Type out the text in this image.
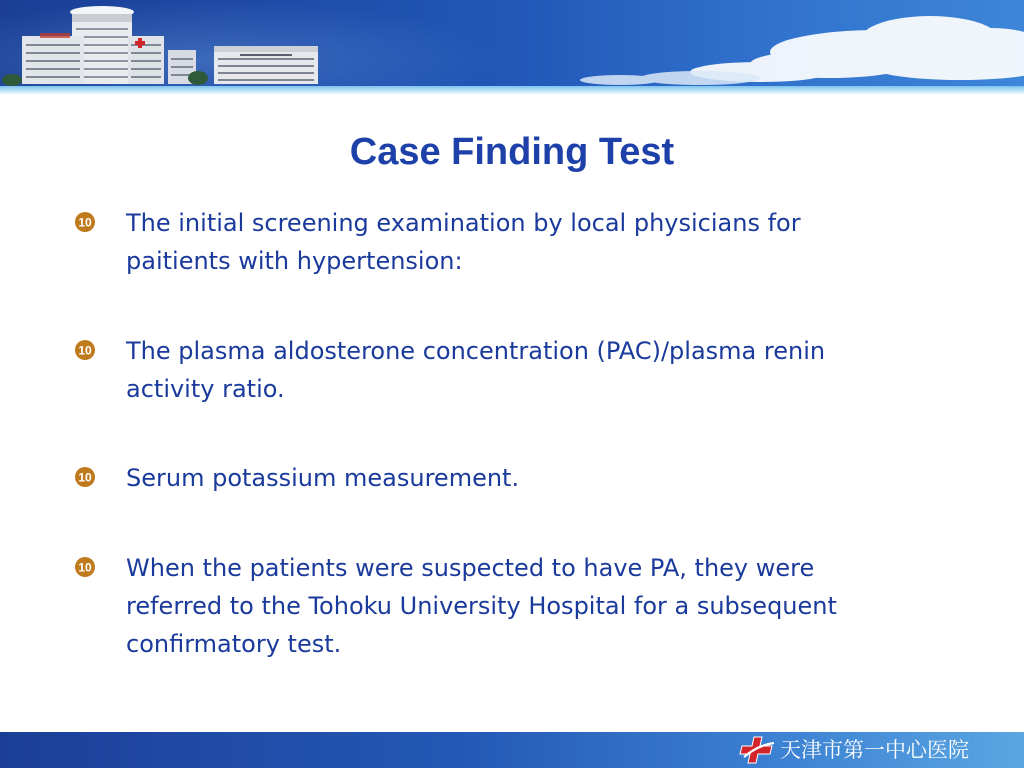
Case Finding Test
10 The initial screening examination by local physicians for
paitients with hypertension:
10 The plasma aldosterone concentration (PAC)/plasma renin
activity ratio.
10 Serum potassium measurement.
10 When the patients were suspected to have PA, they were
referred to the Tohoku University Hospital for a subsequent
confirmatory test.
天津市第一中心医院
